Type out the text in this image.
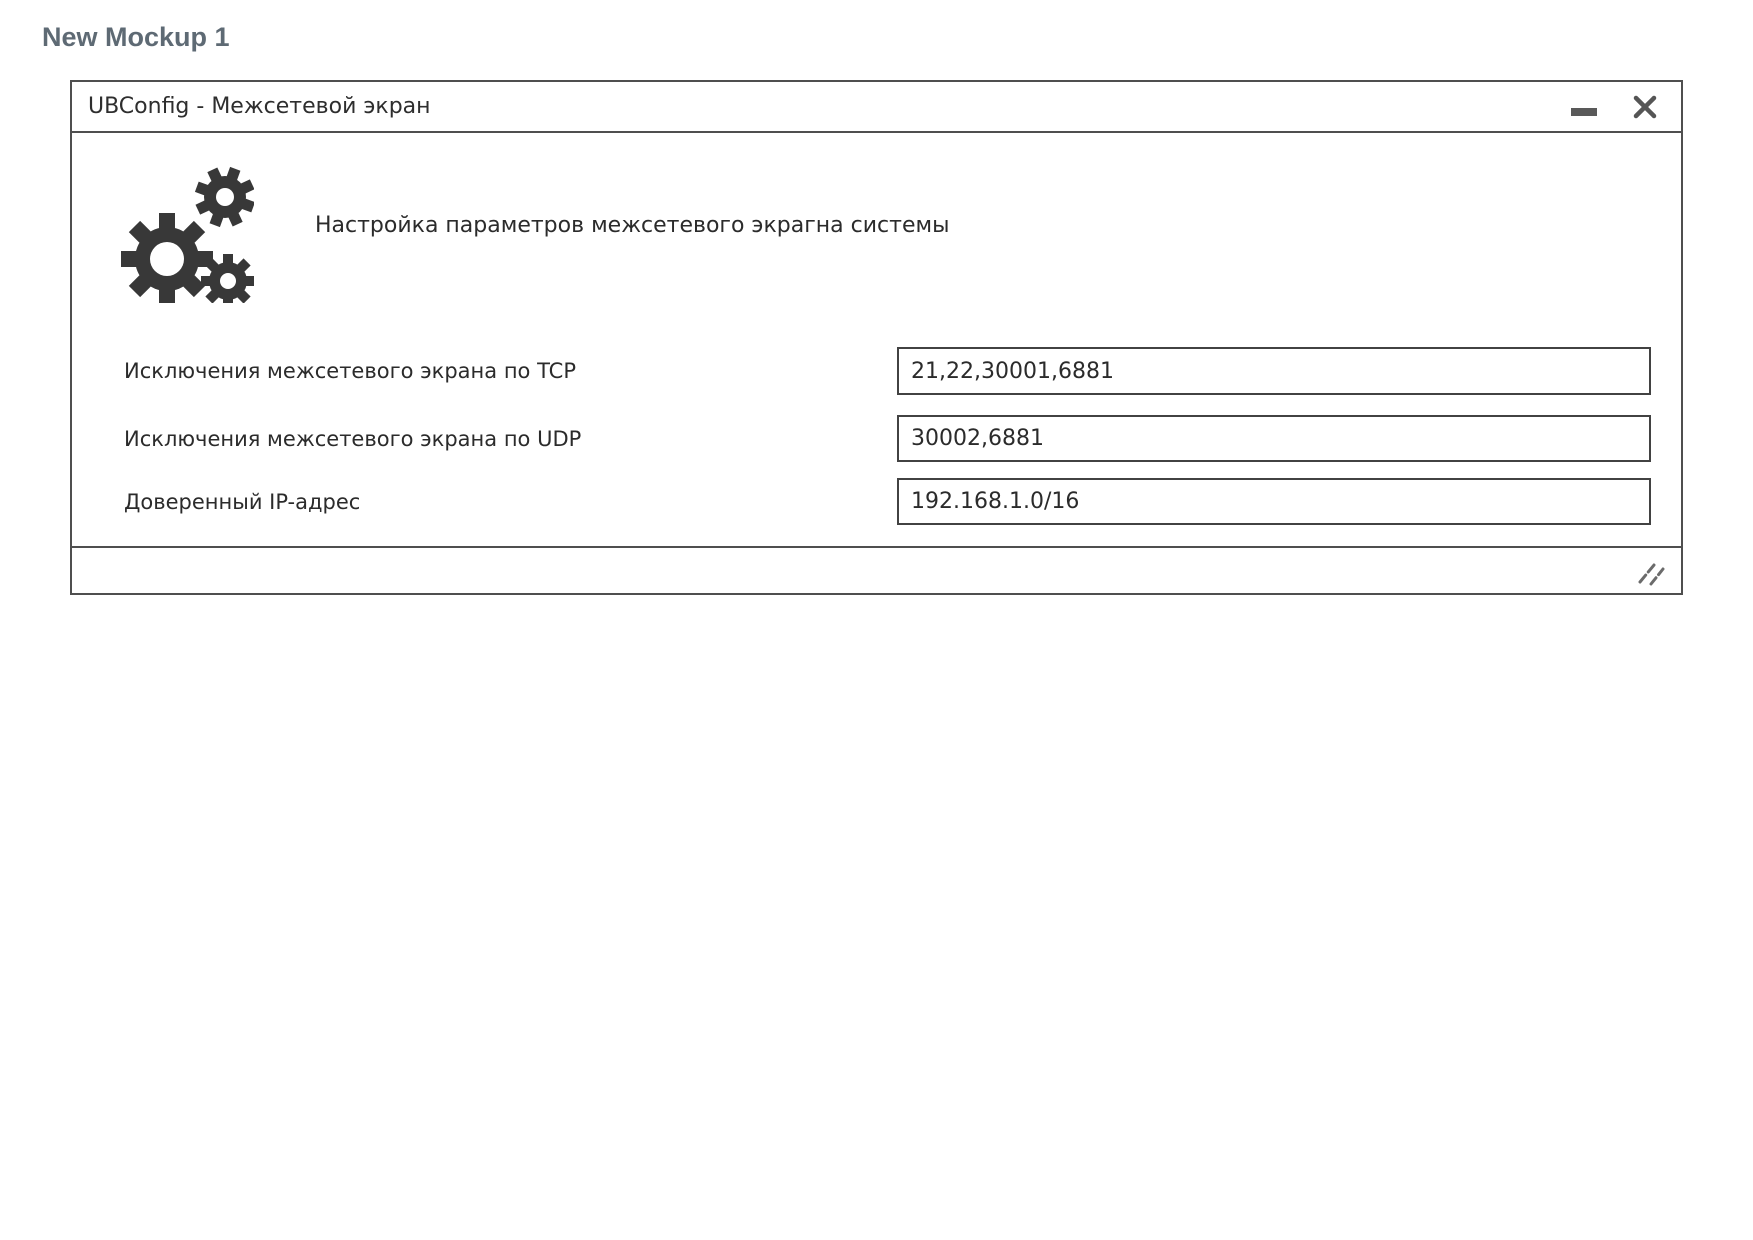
New Mockup 1
UBConfig - Межсетевой экран
Настройка параметров межсетевого экрагна системы
Исключения межсетевого экрана по TCP
21,22,30001,6881
Исключения межсетевого экрана по UDP
30002,6881
Доверенный IP-адрес
192.168.1.0/16
